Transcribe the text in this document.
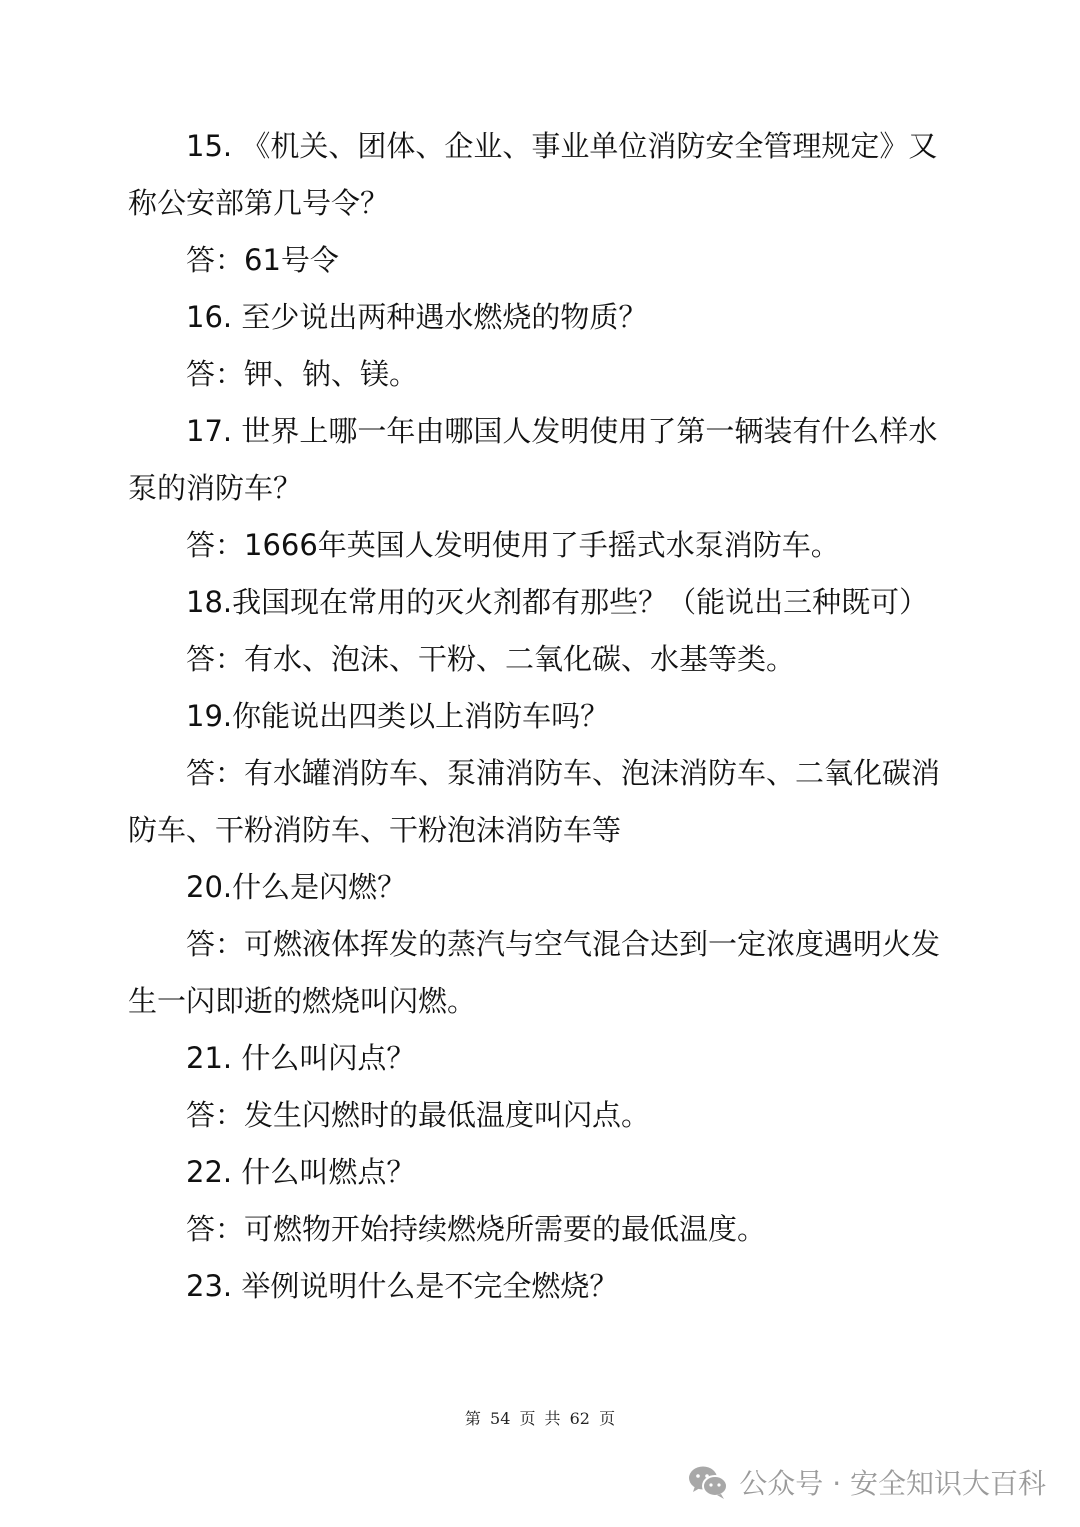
15. 《机关、团体、企业、事业单位消防安全管理规定》又称公安部第几号令？

答：61号令

16. 至少说出两种遇水燃烧的物质？

答：钾、钠、镁。

17. 世界上哪一年由哪国人发明使用了第一辆装有什么样水泵的消防车？

答：1666年英国人发明使用了手摇式水泵消防车。

18.我国现在常用的灭火剂都有那些？（能说出三种既可）

答：有水、泡沫、干粉、二氧化碳、水基等类。

19.你能说出四类以上消防车吗？

答：有水罐消防车、泵浦消防车、泡沫消防车、二氧化碳消防车、干粉消防车、干粉泡沫消防车等

20.什么是闪燃？

答：可燃液体挥发的蒸汽与空气混合达到一定浓度遇明火发生一闪即逝的燃烧叫闪燃。

21. 什么叫闪点？

答：发生闪燃时的最低温度叫闪点。

22. 什么叫燃点？

答：可燃物开始持续燃烧所需要的最低温度。

23. 举例说明什么是不完全燃烧？

第 54 页 共 62 页
公众号 · 安全知识大百科
